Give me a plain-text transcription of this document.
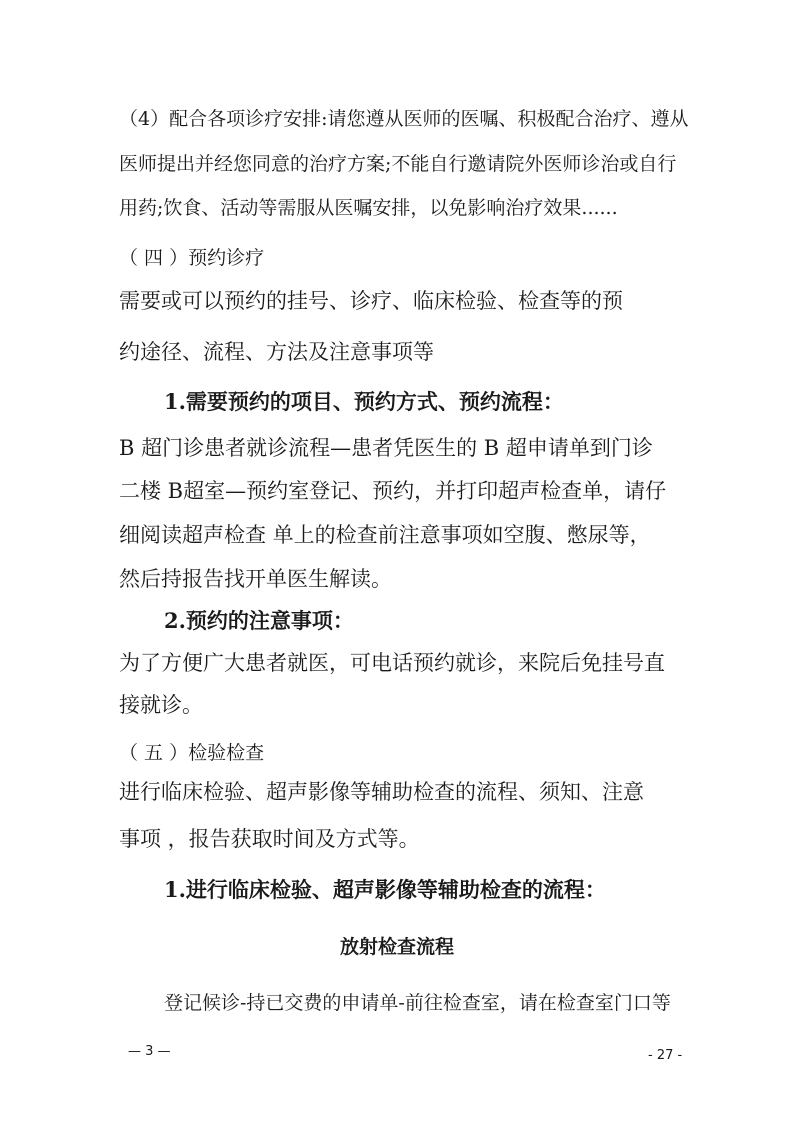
（4）配合各项诊疗安排:请您遵从医师的医嘱、积极配合治疗、遵从
医师提出并经您同意的治疗方案;不能自行邀请院外医师诊治或自行
用药;饮食、活动等需服从医嘱安排，以免影响治疗效果......
（ 四 ）预约诊疗
需要或可以预约的挂号、诊疗、临床检验、检查等的预
约途径、流程、方法及注意事项等
1.需要预约的项目、预约方式、预约流程：
B 超门诊患者就诊流程—患者凭医生的 B 超申请单到门诊
二楼 B超室—预约室登记、预约，并打印超声检查单，请仔
细阅读超声检查 单上的检查前注意事项如空腹、憋尿等，
然后持报告找开单医生解读。
2.预约的注意事项：
为了方便广大患者就医，可电话预约就诊，来院后免挂号直
接就诊。
（ 五 ）检验检查
进行临床检验、超声影像等辅助检查的流程、须知、注意
事项 ，报告获取时间及方式等。
1.进行临床检验、超声影像等辅助检查的流程：
放射检查流程
登记候诊-持已交费的申请单-前往检查室，请在检查室门口等
— 3 —	- 27 -
